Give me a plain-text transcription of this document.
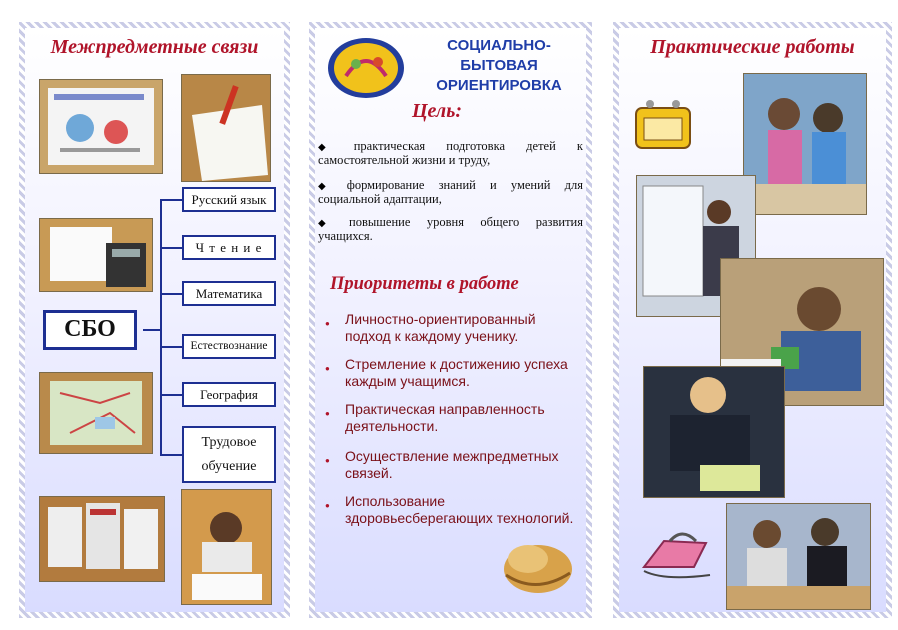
Межпредметные связи
СБО
Русский язык
Ч т е н и е
Математика
Естествознание
География
Трудовое обучение
СОЦИАЛЬНО-БЫТОВАЯ ОРИЕНТИРОВКА
Цель:
◆ практическая подготовка детей к самостоятельной жизни и труду,
◆ формирование знаний и умений для социальной адаптации,
◆ повышение уровня общего развития учащихся.
Приоритеты в работе
● Личностно-ориентированный подход к каждому ученику.
● Стремление к достижению успеха каждым учащимся.
● Практическая направленность деятельности.
● Осуществление межпредметных связей.
● Использование здоровьесберегающих технологий.
Практические работы
